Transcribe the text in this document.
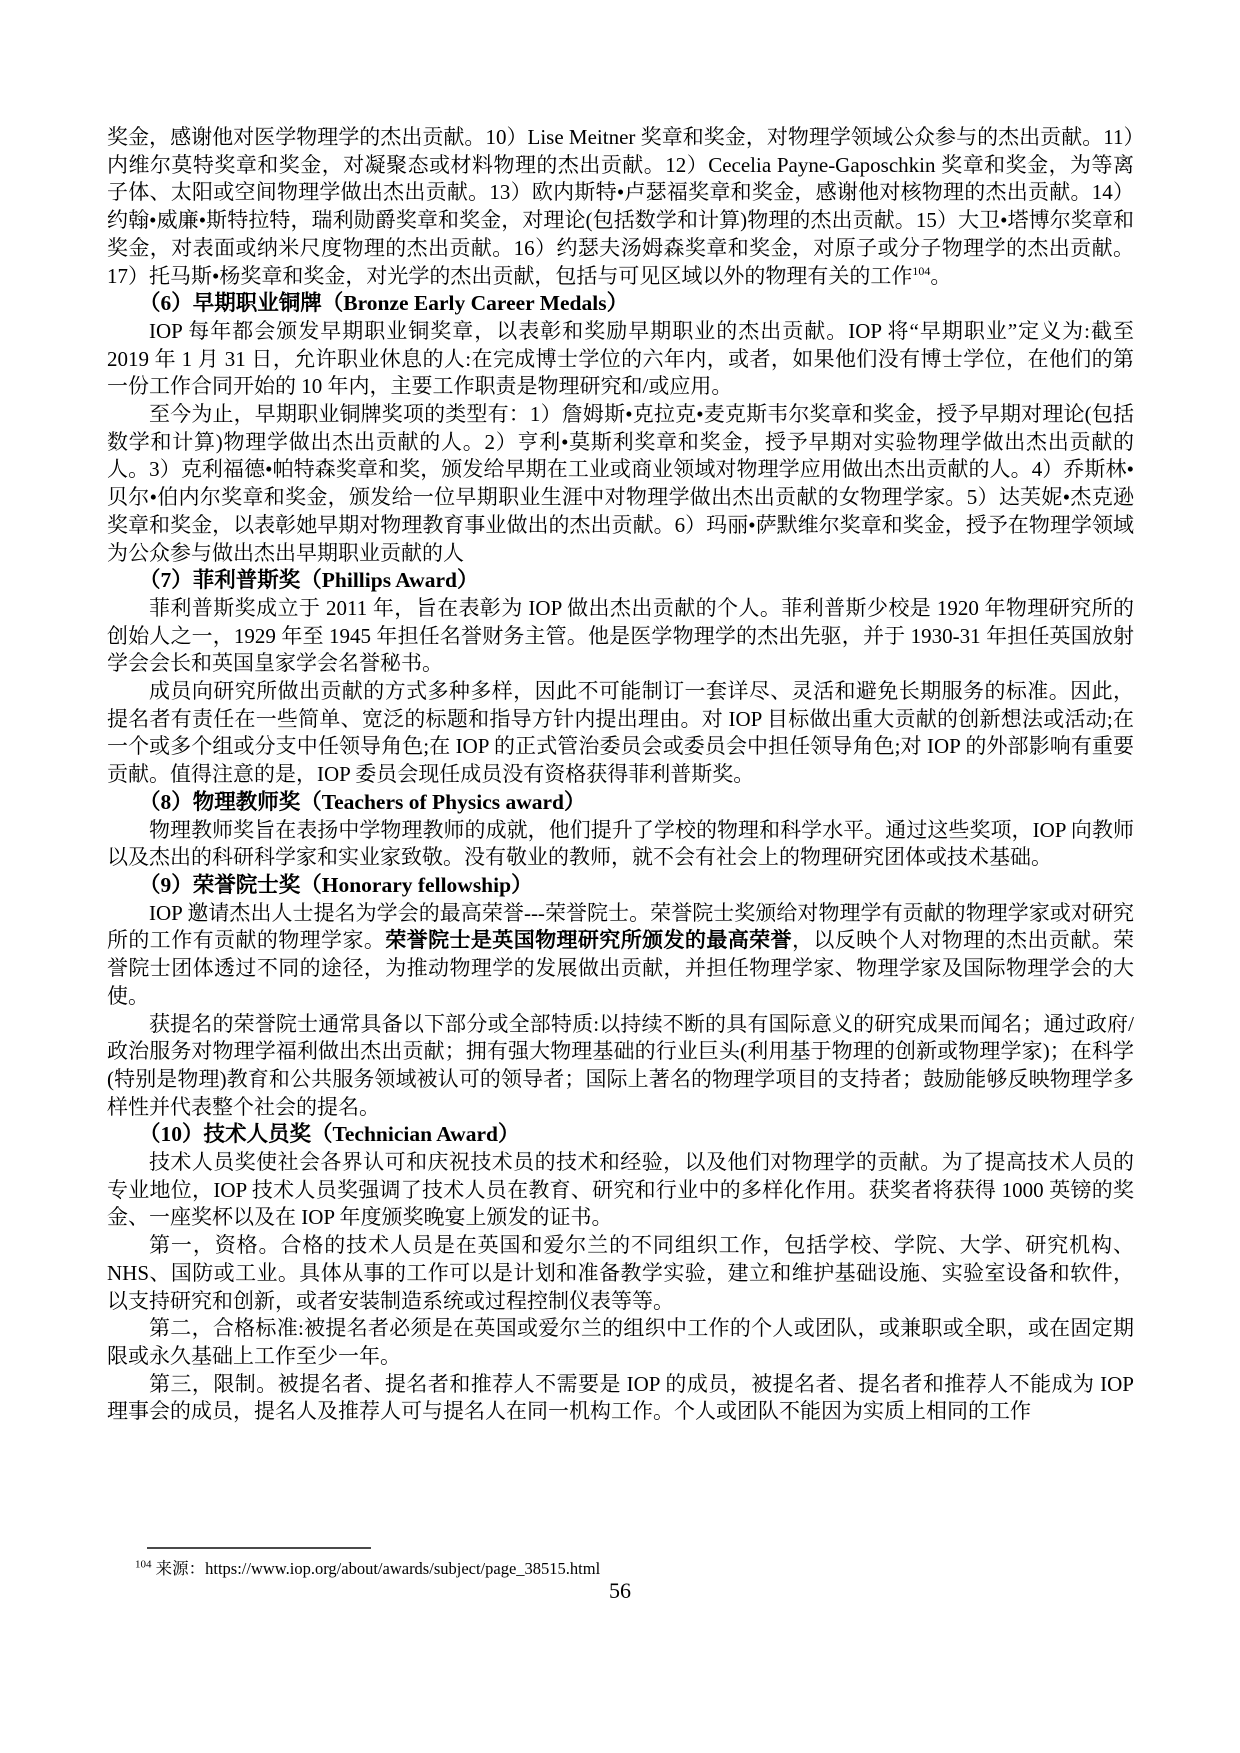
奖金，感谢他对医学物理学的杰出贡献。10）Lise Meitner 奖章和奖金，对物理学领域公众参与的杰出贡献。11）内维尔莫特奖章和奖金，对凝聚态或材料物理的杰出贡献。12）Cecelia Payne-Gaposchkin 奖章和奖金，为等离子体、太阳或空间物理学做出杰出贡献。13）欧内斯特•卢瑟福奖章和奖金，感谢他对核物理的杰出贡献。14）约翰•威廉•斯特拉特，瑞利勋爵奖章和奖金，对理论(包括数学和计算)物理的杰出贡献。15）大卫•塔博尔奖章和奖金，对表面或纳米尺度物理的杰出贡献。16）约瑟夫汤姆森奖章和奖金，对原子或分子物理学的杰出贡献。17）托马斯•杨奖章和奖金，对光学的杰出贡献，包括与可见区域以外的物理有关的工作$^{104}$。

（6）早期职业铜牌（Bronze Early Career Medals）

IOP 每年都会颁发早期职业铜奖章，以表彰和奖励早期职业的杰出贡献。IOP 将“早期职业”定义为:截至 2019 年 1 月 31 日，允许职业休息的人:在完成博士学位的六年内，或者，如果他们没有博士学位，在他们的第一份工作合同开始的 10 年内，主要工作职责是物理研究和/或应用。

至今为止，早期职业铜牌奖项的类型有：1）詹姆斯•克拉克•麦克斯韦尔奖章和奖金，授予早期对理论(包括数学和计算)物理学做出杰出贡献的人。2）亨利•莫斯利奖章和奖金，授予早期对实验物理学做出杰出贡献的人。3）克利福德•帕特森奖章和奖，颁发给早期在工业或商业领域对物理学应用做出杰出贡献的人。4）乔斯林•贝尔•伯内尔奖章和奖金，颁发给一位早期职业生涯中对物理学做出杰出贡献的女物理学家。5）达芙妮•杰克逊奖章和奖金，以表彰她早期对物理教育事业做出的杰出贡献。6）玛丽•萨默维尔奖章和奖金，授予在物理学领域为公众参与做出杰出早期职业贡献的人

（7）菲利普斯奖（Phillips Award）

菲利普斯奖成立于 2011 年，旨在表彰为 IOP 做出杰出贡献的个人。菲利普斯少校是 1920 年物理研究所的创始人之一，1929 年至 1945 年担任名誉财务主管。他是医学物理学的杰出先驱，并于 1930-31 年担任英国放射学会会长和英国皇家学会名誉秘书。

成员向研究所做出贡献的方式多种多样，因此不可能制订一套详尽、灵活和避免长期服务的标准。因此，提名者有责任在一些简单、宽泛的标题和指导方针内提出理由。对 IOP 目标做出重大贡献的创新想法或活动;在一个或多个组或分支中任领导角色;在 IOP 的正式管治委员会或委员会中担任领导角色;对 IOP 的外部影响有重要贡献。值得注意的是，IOP 委员会现任成员没有资格获得菲利普斯奖。

（8）物理教师奖（Teachers of Physics award）

物理教师奖旨在表扬中学物理教师的成就，他们提升了学校的物理和科学水平。通过这些奖项，IOP 向教师以及杰出的科研科学家和实业家致敬。没有敬业的教师，就不会有社会上的物理研究团体或技术基础。

（9）荣誉院士奖（Honorary fellowship）

IOP 邀请杰出人士提名为学会的最高荣誉---荣誉院士。荣誉院士奖颁给对物理学有贡献的物理学家或对研究所的工作有贡献的物理学家。荣誉院士是英国物理研究所颁发的最高荣誉，以反映个人对物理的杰出贡献。荣誉院士团体透过不同的途径，为推动物理学的发展做出贡献，并担任物理学家、物理学家及国际物理学会的大使。

获提名的荣誉院士通常具备以下部分或全部特质:以持续不断的具有国际意义的研究成果而闻名；通过政府/政治服务对物理学福利做出杰出贡献；拥有强大物理基础的行业巨头(利用基于物理的创新或物理学家)；在科学(特别是物理)教育和公共服务领域被认可的领导者；国际上著名的物理学项目的支持者；鼓励能够反映物理学多样性并代表整个社会的提名。

（10）技术人员奖（Technician Award）

技术人员奖使社会各界认可和庆祝技术员的技术和经验，以及他们对物理学的贡献。为了提高技术人员的专业地位，IOP 技术人员奖强调了技术人员在教育、研究和行业中的多样化作用。获奖者将获得 1000 英镑的奖金、一座奖杯以及在 IOP 年度颁奖晚宴上颁发的证书。

第一，资格。合格的技术人员是在英国和爱尔兰的不同组织工作，包括学校、学院、大学、研究机构、NHS、国防或工业。具体从事的工作可以是计划和准备教学实验，建立和维护基础设施、实验室设备和软件，以支持研究和创新，或者安装制造系统或过程控制仪表等等。

第二，合格标准:被提名者必须是在英国或爱尔兰的组织中工作的个人或团队，或兼职或全职，或在固定期限或永久基础上工作至少一年。

第三，限制。被提名者、提名者和推荐人不需要是 IOP 的成员，被提名者、提名者和推荐人不能成为 IOP 理事会的成员，提名人及推荐人可与提名人在同一机构工作。个人或团队不能因为实质上相同的工作

$^{104}$ 来源：https://www.iop.org/about/awards/subject/page_38515.html

56
